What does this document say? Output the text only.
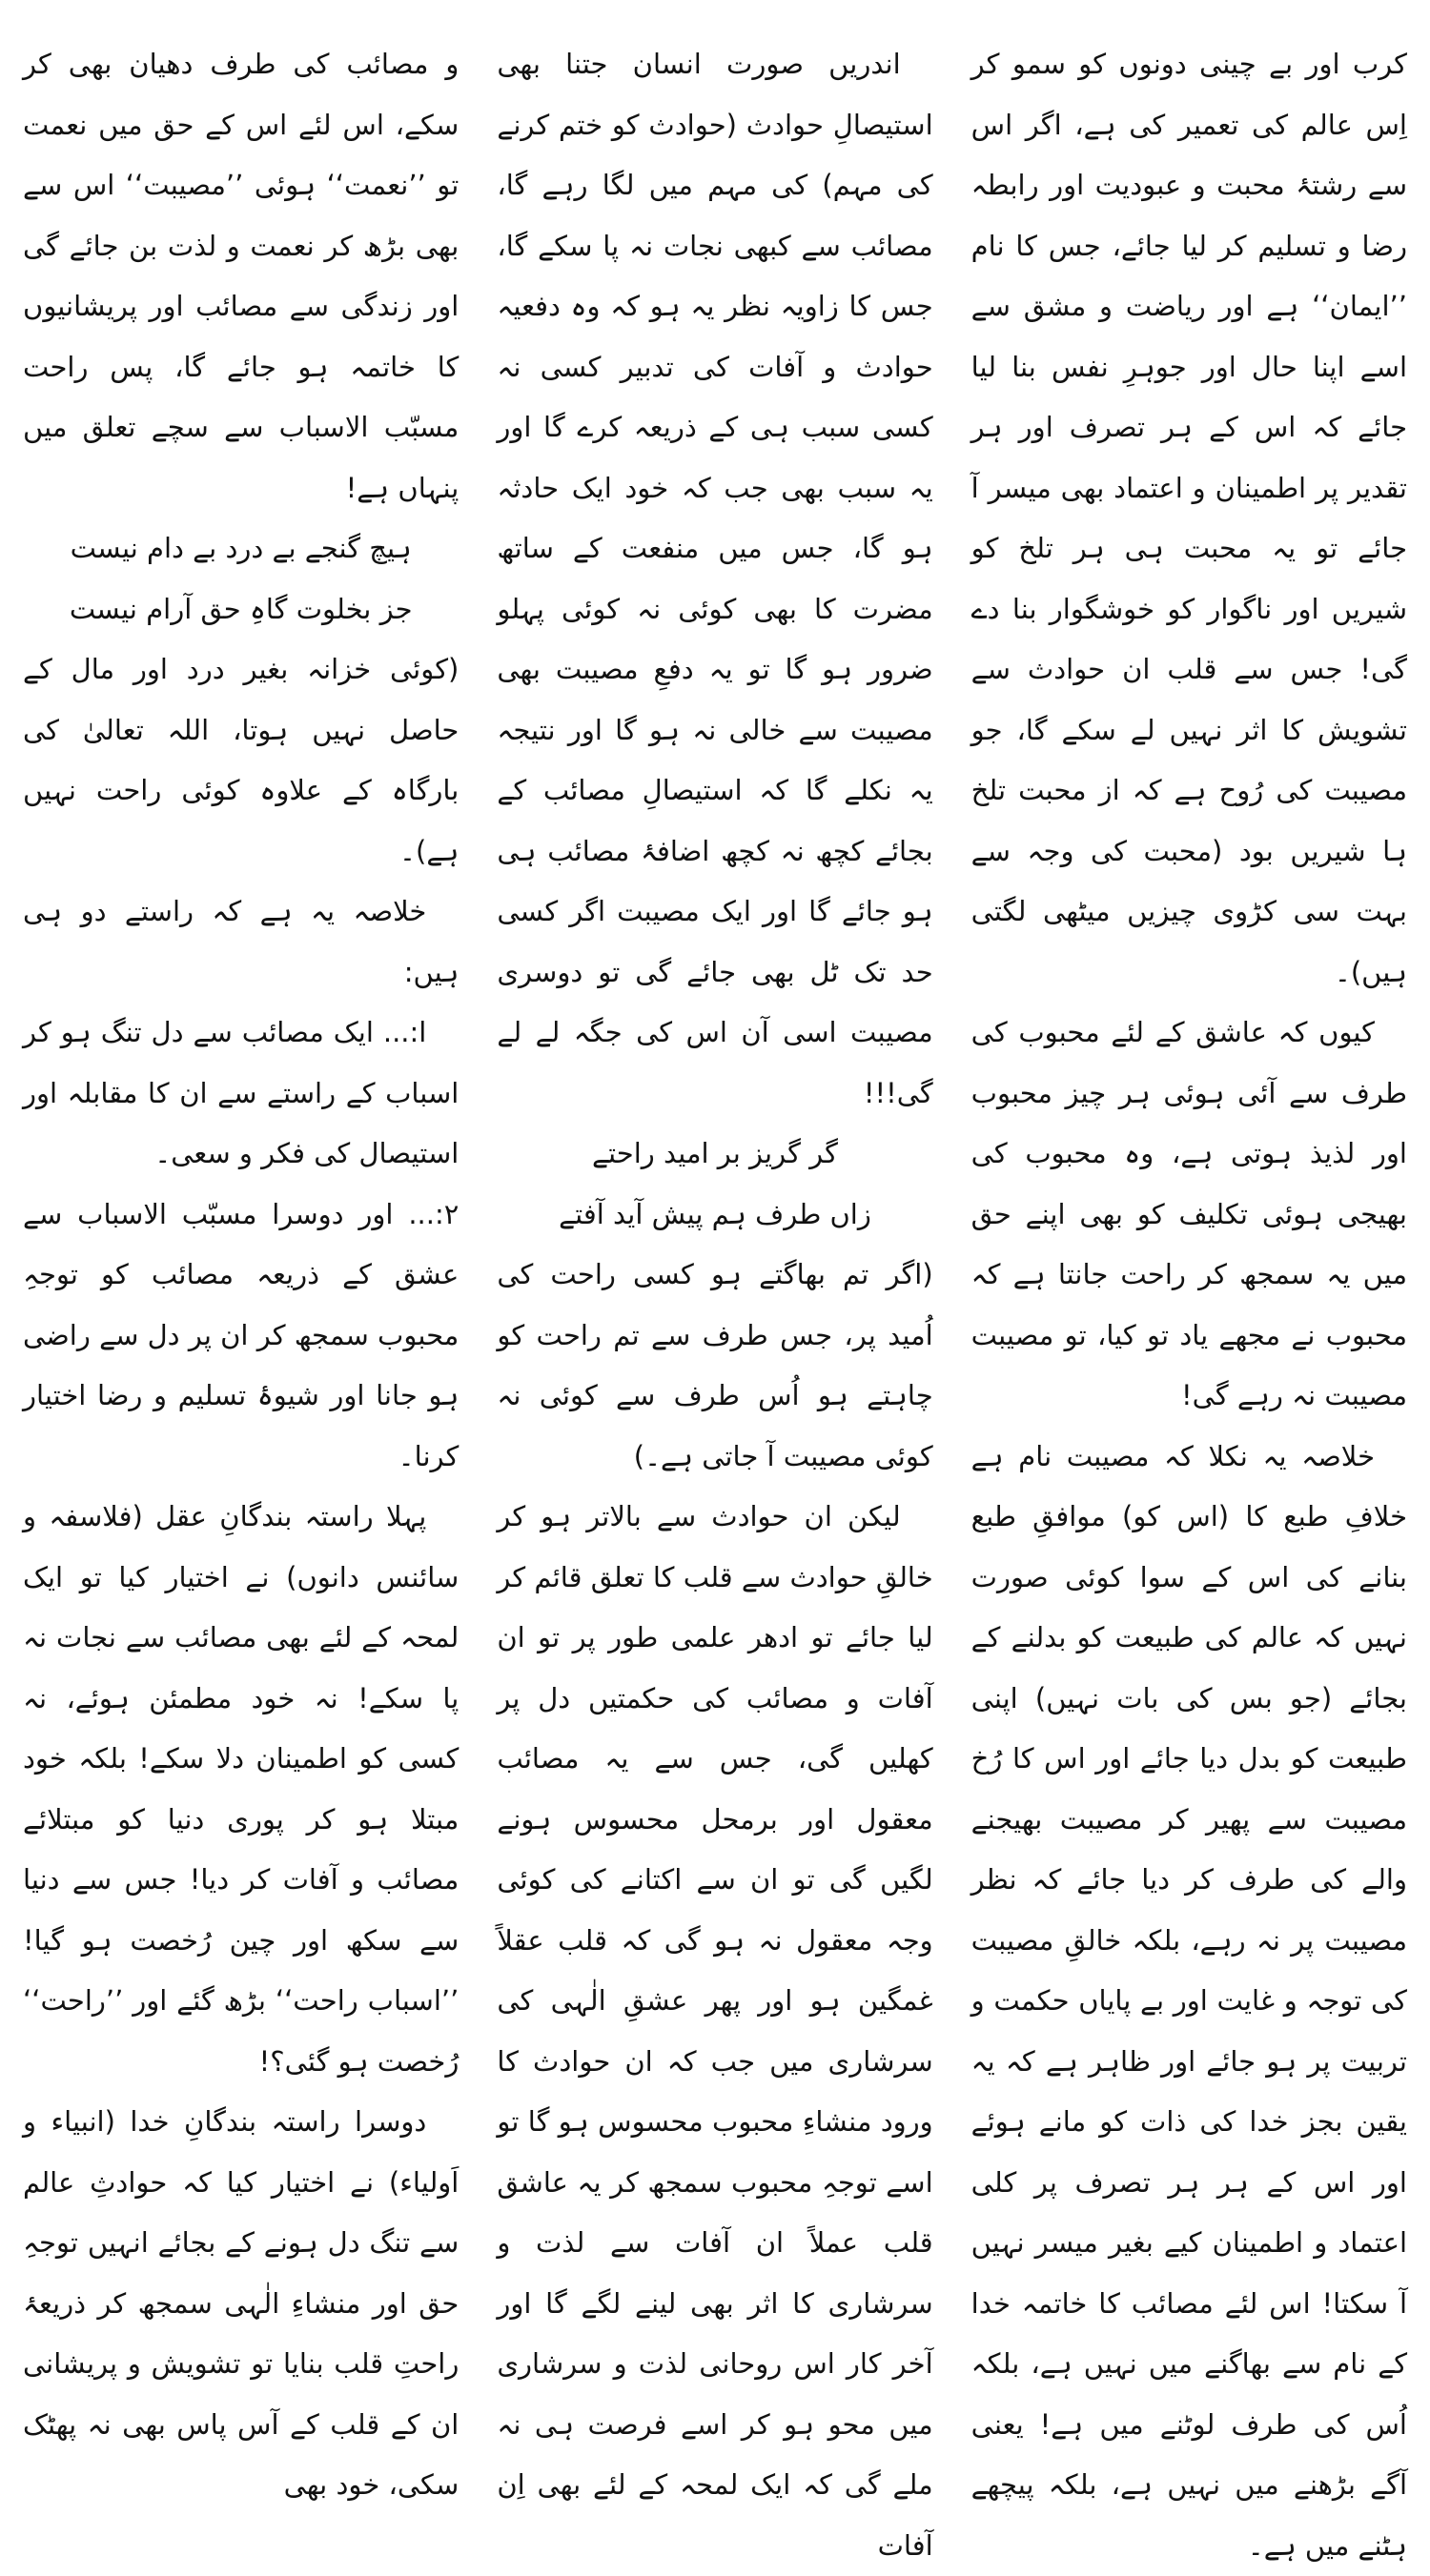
کرب اور بے چینی دونوں کو سمو کر اِس عالم کی تعمیر کی ہے، اگر اس سے رشتۂ محبت و عبودیت اور رابطہ رضا و تسلیم کر لیا جائے، جس کا نام ’’ایمان‘‘ ہے اور ریاضت و مشق سے اسے اپنا حال اور جوہرِ نفس بنا لیا جائے کہ اس کے ہر تصرف اور ہر تقدیر پر اطمینان و اعتماد بھی میسر آ جائے تو یہ محبت ہی ہر تلخ کو شیریں اور ناگوار کو خوشگوار بنا دے گی! جس سے قلب ان حوادث سے تشویش کا اثر نہیں لے سکے گا، جو مصیبت کی رُوح ہے کہ از محبت تلخ ہا شیریں بود (محبت کی وجہ سے بہت سی کڑوی چیزیں میٹھی لگتی ہیں)۔

کیوں کہ عاشق کے لئے محبوب کی طرف سے آئی ہوئی ہر چیز محبوب اور لذیذ ہوتی ہے، وہ محبوب کی بھیجی ہوئی تکلیف کو بھی اپنے حق میں یہ سمجھ کر راحت جانتا ہے کہ محبوب نے مجھے یاد تو کیا، تو مصیبت مصیبت نہ رہے گی!

خلاصہ یہ نکلا کہ مصیبت نام ہے خلافِ طبع کا (اس کو) موافقِ طبع بنانے کی اس کے سوا کوئی صورت نہیں کہ عالم کی طبیعت کو بدلنے کے بجائے (جو بس کی بات نہیں) اپنی طبیعت کو بدل دیا جائے اور اس کا رُخ مصیبت سے پھیر کر مصیبت بھیجنے والے کی طرف کر دیا جائے کہ نظر مصیبت پر نہ رہے، بلکہ خالقِ مصیبت کی توجہ و غایت اور بے پایاں حکمت و تربیت پر ہو جائے اور ظاہر ہے کہ یہ یقین بجز خدا کی ذات کو مانے ہوئے اور اس کے ہر ہر تصرف پر کلی اعتماد و اطمینان کیے بغیر میسر نہیں آ سکتا! اس لئے مصائب کا خاتمہ خدا کے نام سے بھاگنے میں نہیں ہے، بلکہ اُس کی طرف لوٹنے میں ہے! یعنی آگے بڑھنے میں نہیں ہے، بلکہ پیچھے ہٹنے میں ہے۔

اندریں صورت انسان جتنا بھی استیصالِ حوادث (حوادث کو ختم کرنے کی مہم) کی مہم میں لگا رہے گا، مصائب سے کبھی نجات نہ پا سکے گا، جس کا زاویہ نظر یہ ہو کہ وہ دفعیہ حوادث و آفات کی تدبیر کسی نہ کسی سبب ہی کے ذریعہ کرے گا اور یہ سبب بھی جب کہ خود ایک حادثہ ہو گا، جس میں منفعت کے ساتھ مضرت کا بھی کوئی نہ کوئی پہلو ضرور ہو گا تو یہ دفعِ مصیبت بھی مصیبت سے خالی نہ ہو گا اور نتیجہ یہ نکلے گا کہ استیصالِ مصائب کے بجائے کچھ نہ کچھ اضافۂ مصائب ہی ہو جائے گا اور ایک مصیبت اگر کسی حد تک ٹل بھی جائے گی تو دوسری مصیبت اسی آن اس کی جگہ لے لے گی!!!

گر گریز بر امید راحتے

زاں طرف ہم پیش آید آفتے

(اگر تم بھاگتے ہو کسی راحت کی اُمید پر، جس طرف سے تم راحت کو چاہتے ہو اُس طرف سے کوئی نہ کوئی مصیبت آ جاتی ہے۔)

لیکن ان حوادث سے بالاتر ہو کر خالقِ حوادث سے قلب کا تعلق قائم کر لیا جائے تو ادھر علمی طور پر تو ان آفات و مصائب کی حکمتیں دل پر کھلیں گی، جس سے یہ مصائب معقول اور برمحل محسوس ہونے لگیں گی تو ان سے اکتانے کی کوئی وجہ معقول نہ ہو گی کہ قلب عقلاً غمگین ہو اور پھر عشقِ الٰہی کی سرشاری میں جب کہ ان حوادث کا ورود منشاءِ محبوب محسوس ہو گا تو اسے توجہِ محبوب سمجھ کر یہ عاشق قلب عملاً ان آفات سے لذت و سرشاری کا اثر بھی لینے لگے گا اور آخر کار اس روحانی لذت و سرشاری میں محو ہو کر اسے فرصت ہی نہ ملے گی کہ ایک لمحہ کے لئے بھی اِن آفات

و مصائب کی طرف دھیان بھی کر سکے، اس لئے اس کے حق میں نعمت تو ’’نعمت‘‘ ہوئی ’’مصیبت‘‘ اس سے بھی بڑھ کر نعمت و لذت بن جائے گی اور زندگی سے مصائب اور پریشانیوں کا خاتمہ ہو جائے گا، پس راحت مسبّب الاسباب سے سچے تعلق میں پنہاں ہے!

ہیچ گنجے بے درد بے دام نیست

جز بخلوت گاہِ حق آرام نیست

(کوئی خزانہ بغیر درد اور مال کے حاصل نہیں ہوتا، اللہ تعالیٰ کی بارگاہ کے علاوہ کوئی راحت نہیں ہے)۔

خلاصہ یہ ہے کہ راستے دو ہی ہیں:

ا:... ایک مصائب سے دل تنگ ہو کر اسباب کے راستے سے ان کا مقابلہ اور استیصال کی فکر و سعی۔

۲:... اور دوسرا مسبّب الاسباب سے عشق کے ذریعہ مصائب کو توجہِ محبوب سمجھ کر ان پر دل سے راضی ہو جانا اور شیوۂ تسلیم و رضا اختیار کرنا۔

پہلا راستہ بندگانِ عقل (فلاسفہ و سائنس دانوں) نے اختیار کیا تو ایک لمحہ کے لئے بھی مصائب سے نجات نہ پا سکے! نہ خود مطمئن ہوئے، نہ کسی کو اطمینان دلا سکے! بلکہ خود مبتلا ہو کر پوری دنیا کو مبتلائے مصائب و آفات کر دیا! جس سے دنیا سے سکھ اور چین رُخصت ہو گیا! ’’اسباب راحت‘‘ بڑھ گئے اور ’’راحت‘‘ رُخصت ہو گئی؟!

دوسرا راستہ بندگانِ خدا (انبیاء و اَولیاء) نے اختیار کیا کہ حوادثِ عالم سے تنگ دل ہونے کے بجائے انہیں توجہِ حق اور منشاءِ الٰہی سمجھ کر ذریعۂ راحتِ قلب بنایا تو تشویش و پریشانی ان کے قلب کے آس پاس بھی نہ پھٹک سکی، خود بھی
